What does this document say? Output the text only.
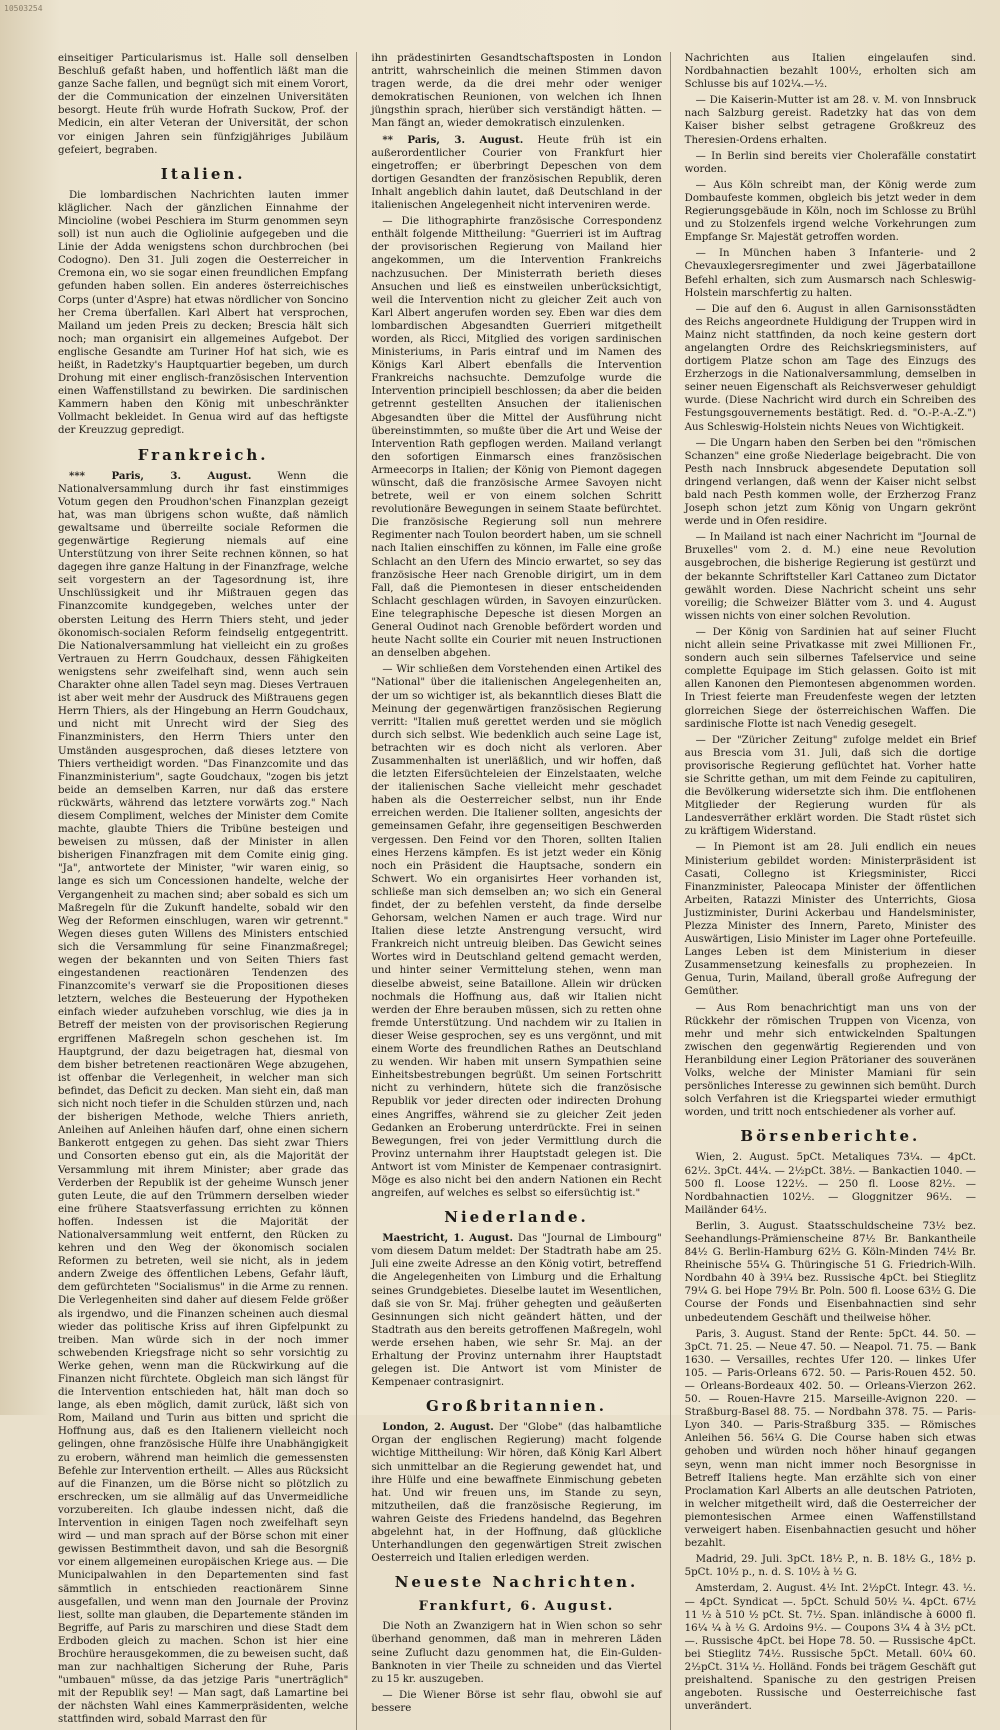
10503254

einseitiger Particularismus ist. Halle soll denselben Beschluß gefaßt haben, und hoffentlich läßt man die ganze Sache fallen, und begnügt sich mit einem Vorort, der die Communication der einzelnen Universitäten besorgt. Heute früh wurde Hofrath Suckow, Prof. der Medicin, ein alter Veteran der Universität, der schon vor einigen Jahren sein fünfzigjähriges Jubiläum gefeiert, begraben.

Italien.

Die lombardischen Nachrichten lauten immer kläglicher. Nach der gänzlichen Einnahme der Mincioline (wobei Peschiera im Sturm genommen seyn soll) ist nun auch die Ogliolinie aufgegeben und die Linie der Adda wenigstens schon durchbrochen (bei Codogno). Den 31. Juli zogen die Oesterreicher in Cremona ein, wo sie sogar einen freundlichen Empfang gefunden haben sollen. Ein anderes österreichisches Corps (unter d'Aspre) hat etwas nördlicher von Soncino her Crema überfallen. Karl Albert hat versprochen, Mailand um jeden Preis zu decken; Brescia hält sich noch; man organisirt ein allgemeines Aufgebot. Der englische Gesandte am Turiner Hof hat sich, wie es heißt, in Radetzky's Hauptquartier begeben, um durch Drohung mit einer englisch-französischen Intervention einen Waffenstillstand zu bewirken. Die sardinischen Kammern haben den König mit unbeschränkter Vollmacht bekleidet. In Genua wird auf das heftigste der Kreuzzug gepredigt.

Frankreich.

*** Paris, 3. August.	Wenn die Nationalversammlung durch ihr fast einstimmiges Votum gegen den Proudhon'schen Finanzplan gezeigt hat, was man übrigens schon wußte, daß nämlich gewaltsame und überreilte sociale Reformen die gegenwärtige Regierung niemals auf eine Unterstützung von ihrer Seite rechnen können, so hat dagegen ihre ganze Haltung in der Finanzfrage, welche seit vorgestern an der Tagesordnung ist, ihre Unschlüssigkeit und ihr Mißtrauen gegen das Finanzcomite kundgegeben, welches unter der obersten Leitung des Herrn Thiers steht, und jeder ökonomisch-socialen Reform feindselig entgegentritt. Die Nationalversammlung hat vielleicht ein zu großes Vertrauen zu Herrn Goudchaux, dessen Fähigkeiten wenigstens sehr zweifelhaft sind, wenn auch sein Charakter ohne allen Tadel seyn mag. Dieses Vertrauen ist aber weit mehr der Ausdruck des Mißtrauens gegen Herrn Thiers, als der Hingebung an Herrn Goudchaux, und nicht mit Unrecht wird der Sieg des Finanzministers, den Herrn Thiers unter den Umständen ausgesprochen, daß dieses letztere von Thiers vertheidigt worden. "Das Finanzcomite und das Finanzministerium", sagte Goudchaux, "zogen bis jetzt beide an demselben Karren, nur daß das erstere rückwärts, während das letztere vorwärts zog." Nach diesem Compliment, welches der Minister dem Comite machte, glaubte Thiers die Tribüne besteigen und beweisen zu müssen, daß der Minister in allen bisherigen Finanzfragen mit dem Comite einig ging. "Ja", antwortete der Minister, "wir waren einig, so lange es sich um Concessionen handelte, welche der Vergangenheit zu machen sind; aber sobald es sich um Maßregeln für die Zukunft handelte, sobald wir den Weg der Reformen einschlugen, waren wir getrennt." Wegen dieses guten Willens des Ministers entschied sich die Versammlung für seine Finanzmaßregel; wegen der bekannten und von Seiten Thiers fast eingestandenen reactionären Tendenzen des Finanzcomite's verwarf sie die Propositionen dieses letztern, welches die Besteuerung der Hypotheken einfach wieder aufzuheben vorschlug, wie dies ja in Betreff der meisten von der provisorischen Regierung ergriffenen Maßregeln schon geschehen ist. Im Hauptgrund, der dazu beigetragen hat, diesmal von dem bisher betretenen reactionären Wege abzugehen, ist offenbar die Verlegenheit, in welcher man sich befindet, das Deficit zu decken. Man sieht ein, daß man sich nicht noch tiefer in die Schulden stürzen und, nach der bisherigen Methode, welche Thiers anrieth, Anleihen auf Anleihen häufen darf, ohne einen sichern Bankerott entgegen zu gehen. Das sieht zwar Thiers und Consorten ebenso gut ein, als die Majorität der Versammlung mit ihrem Minister; aber grade das Verderben der Republik ist der geheime Wunsch jener guten Leute, die auf den Trümmern derselben wieder eine frühere Staatsverfassung errichten zu können hoffen. Indessen ist die Majorität der Nationalversammlung weit entfernt, den Rücken zu kehren und den Weg der ökonomisch socialen Reformen zu betreten, weil sie nicht, als in jedem andern Zweige des öffentlichen Lebens, Gefahr läuft, dem gefürchteten "Socialismus" in die Arme zu rennen. Die Verlegenheiten sind daher auf diesem Felde größer als irgendwo, und die Finanzen scheinen auch diesmal wieder das politische Kriss auf ihren Gipfelpunkt zu treiben. Man würde sich in der noch immer schwebenden Kriegsfrage nicht so sehr vorsichtig zu Werke gehen, wenn man die Rückwirkung auf die Finanzen nicht fürchtete. Obgleich man sich längst für die Intervention entschieden hat, hält man doch so lange, als eben möglich, damit zurück, läßt sich von Rom, Mailand und Turin aus bitten und spricht die Hoffnung aus, daß es den Italienern vielleicht noch gelingen, ohne französische Hülfe ihre Unabhängigkeit zu erobern, während man heimlich die gemessensten Befehle zur Intervention ertheilt. — Alles aus Rücksicht auf die Finanzen, um die Börse nicht so plötzlich zu erschrecken, um sie allmälig auf das Unvermeidliche vorzubereiten. Ich glaube indessen nicht, daß die Intervention in einigen Tagen noch zweifelhaft seyn wird — und man sprach auf der Börse schon mit einer gewissen Bestimmtheit davon, und sah die Besorgniß vor einem allgemeinen europäischen Kriege aus. — Die Municipalwahlen in den Departementen sind fast sämmtlich in entschieden reactionärem Sinne ausgefallen, und wenn man den Journale der Provinz liest, sollte man glauben, die Departemente ständen im Begriffe, auf Paris zu marschiren und diese Stadt dem Erdboden gleich zu machen. Schon ist hier eine Brochüre herausgekommen, die zu beweisen sucht, daß man zur nachhaltigen Sicherung der Ruhe, Paris "umbauen" müsse, da das jetzige Paris "unerträglich" mit der Republik sey! — Man sagt, daß Lamartine bei der nächsten Wahl eines Kammerpräsidenten, welche stattfinden wird, sobald Marrast den für

ihn prädestinirten Gesandtschaftsposten in London antritt, wahrscheinlich die meinen Stimmen davon tragen werde, da die drei mehr oder weniger demokratischen Reunionen, von welchen ich Ihnen jüngsthin sprach, hierüber sich verständigt hätten. — Man fängt an, wieder demokratisch einzulenken.

** Paris, 3. August. Heute früh ist ein außerordentlicher Courier von Frankfurt hier eingetroffen; er überbringt Depeschen von dem dortigen Gesandten der französischen Republik, deren Inhalt angeblich dahin lautet, daß Deutschland in der italienischen Angelegenheit nicht interveniren werde.

— Die lithographirte französische Correspondenz enthält folgende Mittheilung: "Guerrieri ist im Auftrag der provisorischen Regierung von Mailand hier angekommen, um die Intervention Frankreichs nachzusuchen. Der Ministerrath berieth dieses Ansuchen und ließ es einstweilen unberücksichtigt, weil die Intervention nicht zu gleicher Zeit auch von Karl Albert angerufen worden sey. Eben war dies dem lombardischen Abgesandten Guerrieri mitgetheilt worden, als Ricci, Mitglied des vorigen sardinischen Ministeriums, in Paris eintraf und im Namen des Königs Karl Albert ebenfalls die Intervention Frankreichs nachsuchte. Demzufolge wurde die Intervention principiell beschlossen; da aber die beiden getrennt gestellten Ansuchen der italienischen Abgesandten über die Mittel der Ausführung nicht übereinstimmten, so mußte über die Art und Weise der Intervention Rath gepflogen werden. Mailand verlangt den sofortigen Einmarsch eines französischen Armeecorps in Italien; der König von Piemont dagegen wünscht, daß die französische Armee Savoyen nicht betrete, weil er von einem solchen Schritt revolutionäre Bewegungen in seinem Staate befürchtet. Die französische Regierung soll nun mehrere Regimenter nach Toulon beordert haben, um sie schnell nach Italien einschiffen zu können, im Falle eine große Schlacht an den Ufern des Mincio erwartet, so sey das französische Heer nach Grenoble dirigirt, um in dem Fall, daß die Piemontesen in dieser entscheidenden Schlacht geschlagen würden, in Savoyen einzurücken. Eine telegraphische Depesche ist diesen Morgen an General Oudinot nach Grenoble befördert worden und heute Nacht sollte ein Courier mit neuen Instructionen an denselben abgehen.

— Wir schließen dem Vorstehenden einen Artikel des "National" über die italienischen Angelegenheiten an, der um so wichtiger ist, als bekanntlich dieses Blatt die Meinung der gegenwärtigen französischen Regierung verritt: "Italien muß gerettet werden und sie möglich durch sich selbst. Wie bedenklich auch seine Lage ist, betrachten wir es doch nicht als verloren. Aber Zusammenhalten ist unerläßlich, und wir hoffen, daß die letzten Eifersüchteleien der Einzelstaaten, welche der italienischen Sache vielleicht mehr geschadet haben als die Oesterreicher selbst, nun ihr Ende erreichen werden. Die Italiener sollten, angesichts der gemeinsamen Gefahr, ihre gegenseitigen Beschwerden vergessen. Den Feind vor den Thoren, sollten Italien eines Herzens kämpfen. Es ist jetzt weder ein König noch ein Präsident die Hauptsache, sondern ein Schwert. Wo ein organisirtes Heer vorhanden ist, schließe man sich demselben an; wo sich ein General findet, der zu befehlen versteht, da finde derselbe Gehorsam, welchen Namen er auch trage. Wird nur Italien diese letzte Anstrengung versucht, wird Frankreich nicht untreuig bleiben. Das Gewicht seines Wortes wird in Deutschland geltend gemacht werden, und hinter seiner Vermittelung stehen, wenn man dieselbe abweist, seine Bataillone. Allein wir drücken nochmals die Hoffnung aus, daß wir Italien nicht werden der Ehre berauben müssen, sich zu retten ohne fremde Unterstützung. Und nachdem wir zu Italien in dieser Weise gesprochen, sey es uns vergönnt, und mit einem Worte des freundlichen Rathes an Deutschland zu wenden. Wir haben mit unsern Sympathien seine Einheitsbestrebungen begrüßt. Um seinen Fortschritt nicht zu verhindern, hütete sich die französische Republik vor jeder directen oder indirecten Drohung eines Angriffes, während sie zu gleicher Zeit jeden Gedanken an Eroberung unterdrückte. Frei in seinen Bewegungen, frei von jeder Vermittlung durch die Provinz unternahm ihrer Hauptstadt gelegen ist. Die Antwort ist vom Minister de Kempenaer contrasignirt. Möge es also nicht bei den andern Nationen ein Recht angreifen, auf welches es selbst so eifersüchtig ist."

Niederlande.

Maestricht, 1. August. Das "Journal de Limbourg" vom diesem Datum meldet: Der Stadtrath habe am 25. Juli eine zweite Adresse an den König votirt, betreffend die Angelegenheiten von Limburg und die Erhaltung seines Grundgebietes. Dieselbe lautet im Wesentlichen, daß sie von Sr. Maj. früher gehegten und geäußerten Gesinnungen sich nicht geändert hätten, und der Stadtrath aus den bereits getroffenen Maßregeln, wohl werde ersehen haben, wie sehr Sr. Maj. an der Erhaltung der Provinz unternahm ihrer Hauptstadt gelegen ist. Die Antwort ist vom Minister de Kempenaer contrasignirt.

Großbritannien.

London, 2. August. Der "Globe" (das halbamtliche Organ der englischen Regierung) macht folgende wichtige Mittheilung: Wir hören, daß König Karl Albert sich unmittelbar an die Regierung gewendet hat, und ihre Hülfe und eine bewaffnete Einmischung gebeten hat. Und wir freuen uns, im Stande zu seyn, mitzutheilen, daß die französische Regierung, im wahren Geiste des Friedens handelnd, das Begehren abgelehnt hat, in der Hoffnung, daß glückliche Unterhandlungen den gegenwärtigen Streit zwischen Oesterreich und Italien erledigen werden.

Neueste Nachrichten.
Frankfurt, 6. August.

Die Noth an Zwanzigern hat in Wien schon so sehr überhand genommen, daß man in mehreren Läden seine Zuflucht dazu genommen hat, die Ein-Gulden-Banknoten in vier Theile zu schneiden und das Viertel zu 15 kr. auszugeben.

— Die Wiener Börse ist sehr flau, obwohl sie auf bessere

Nachrichten aus Italien eingelaufen sind. Nordbahnactien bezahlt 100⅟₂, erholten sich am Schlusse bis auf 102⅟₄.—⅟₂.

— Die Kaiserin-Mutter ist am 28. v. M. von Innsbruck nach Salzburg gereist. Radetzky hat das von dem Kaiser bisher selbst getragene Großkreuz des Theresien-Ordens erhalten.

— In Berlin sind bereits vier Cholerafälle constatirt worden.

— Aus Köln schreibt man, der König werde zum Dombaufeste kommen, obgleich bis jetzt weder in dem Regierungsgebäude in Köln, noch im Schlosse zu Brühl und zu Stolzenfels irgend welche Vorkehrungen zum Empfange Sr. Majestät getroffen worden.

— In München haben 3 Infanterie- und 2 Chevauxlegersregimenter und zwei Jägerbataillone Befehl erhalten, sich zum Ausmarsch nach Schleswig-Holstein marschfertig zu halten.

— Die auf den 6. August in allen Garnisonsstädten des Reichs angeordnete Huldigung der Truppen wird in Mainz nicht stattfinden, da noch keine gestern dort angelangten Ordre des Reichskriegsministers, auf dortigem Platze schon am Tage des Einzugs des Erzherzogs in die Nationalversammlung, demselben in seiner neuen Eigenschaft als Reichsverweser gehuldigt wurde. (Diese Nachricht wird durch ein Schreiben des Festungsgouvernements bestätigt. Red. d. "O.-P.-A.-Z.") Aus Schleswig-Holstein nichts Neues von Wichtigkeit.

— Die Ungarn haben den Serben bei den "römischen Schanzen" eine große Niederlage beigebracht. Die von Pesth nach Innsbruck abgesendete Deputation soll dringend verlangen, daß wenn der Kaiser nicht selbst bald nach Pesth kommen wolle, der Erzherzog Franz Joseph schon jetzt zum König von Ungarn gekrönt werde und in Ofen residire.

— In Mailand ist nach einer Nachricht im "Journal de Bruxelles" vom 2. d. M.) eine neue Revolution ausgebrochen, die bisherige Regierung ist gestürzt und der bekannte Schriftsteller Karl Cattaneo zum Dictator gewählt worden. Diese Nachricht scheint uns sehr voreilig; die Schweizer Blätter vom 3. und 4. August wissen nichts von einer solchen Revolution.

— Der König von Sardinien hat auf seiner Flucht nicht allein seine Privatkasse mit zwei Millionen Fr., sondern auch sein silbernes Tafelservice und seine complette Equipage im Stich gelassen. Goito ist mit allen Kanonen den Piemontesen abgenommen worden. In Triest feierte man Freudenfeste wegen der letzten glorreichen Siege der österreichischen Waffen. Die sardinische Flotte ist nach Venedig gesegelt.

— Der "Züricher Zeitung" zufolge meldet ein Brief aus Brescia vom 31. Juli, daß sich die dortige provisorische Regierung geflüchtet hat. Vorher hatte sie Schritte gethan, um mit dem Feinde zu capituliren, die Bevölkerung widersetzte sich ihm. Die entflohenen Mitglieder der Regierung wurden für als Landesverräther erklärt worden. Die Stadt rüstet sich zu kräftigem Widerstand.

— In Piemont ist am 28. Juli endlich ein neues Ministerium gebildet worden: Ministerpräsident ist Casati, Collegno ist Kriegsminister, Ricci Finanzminister, Paleocapa Minister der öffentlichen Arbeiten, Ratazzi Minister des Unterrichts, Giosa Justizminister, Durini Ackerbau und Handelsminister, Plezza Minister des Innern, Pareto, Minister des Auswärtigen, Lisio Minister im Lager ohne Portefeuille. Langes Leben ist dem Ministerium in dieser Zusammensetzung keinesfalls zu prophezeien. In Genua, Turin, Mailand, überall große Aufregung der Gemüther.

— Aus Rom benachrichtigt man uns von der Rückkehr der römischen Truppen von Vicenza, von mehr und mehr sich entwickelnden Spaltungen zwischen den gegenwärtig Regierenden und von Heranbildung einer Legion Prätorianer des souveränen Volks, welche der Minister Mamiani für sein persönliches Interesse zu gewinnen sich bemüht. Durch solch Verfahren ist die Kriegspartei wieder ermuthigt worden, und tritt noch entschiedener als vorher auf.

Börsenberichte.

Wien, 2. August. 5pCt. Metaliques 73⅟₄. — 4pCt. 62⅟₂. 3pCt. 44⅟₄. — 2½pCt. 38⅟₂. — Bankactien 1040. — 500 fl. Loose 122⅟₂. — 250 fl. Loose 82⅟₂. — Nordbahnactien 102⅟₂. — Gloggnitzer 96⅟₂. — Mailänder 64⅟₂.

Berlin, 3. August. Staatsschuldscheine 73⅟₂ bez. Seehandlungs-Prämienscheine 87⅟₂ Br. Bankantheile 84⅟₂ G. Berlin-Hamburg 62⅟₂ G. Köln-Minden 74⅟₂ Br. Rheinische 55⅟₄ G. Thüringische 51 G. Friedrich-Wilh. Nordbahn 40 à 39⅟₄ bez. Russische 4pCt. bei Stieglitz 79⅟₄ G. bei Hope 79⅟₂ Br. Poln. 500 fl. Loose 63⅟₂ G. Die Course der Fonds und Eisenbahnactien sind sehr unbedeutendem Geschäft und theilweise höher.

Paris, 3. August. Stand der Rente: 5pCt. 44. 50. — 3pCt. 71. 25. — Neue 47. 50. — Neapol. 71. 75. — Bank 1630. — Versailles, rechtes Ufer 120. — linkes Ufer 105. — Paris-Orleans 672. 50. — Paris-Rouen 452. 50. — Orleans-Bordeaux 402. 50. — Orleans-Vierzon 262. 50. — Rouen-Havre 215. Marseille-Avignon 220. — Straßburg-Basel 88. 75. — Nordbahn 378. 75. — Paris-Lyon 340. — Paris-Straßburg 335. — Römisches Anleihen 56. 56⅟₄ G. Die Course haben sich etwas gehoben und würden noch höher hinauf gegangen seyn, wenn man nicht immer noch Besorgnisse in Betreff Italiens hegte. Man erzählte sich von einer Proclamation Karl Alberts an alle deutschen Patrioten, in welcher mitgetheilt wird, daß die Oesterreicher der piemontesischen Armee einen Waffenstillstand verweigert haben. Eisenbahnactien gesucht und höher bezahlt.

Madrid, 29. Juli. 3pCt. 18⅟₂ P., n. B. 18⅟₂ G., 18⅟₂ p. 5pCt. 10⅟₂ p., n. d. S. 10⅟₂ à ⅟₂ G.

Amsterdam, 2. August. 4⅟₂ Int. 2½pCt. Integr. 43. ⅟₂. — 4pCt. Syndicat —. 5pCt. Schuld 50⅟₂ ⅟₄. 4pCt. 67⅟₂ 11 ⅟₂ à 510 ⅟₂ pCt. St. 7⅟₂. Span. inländische à 6000 fl. 16⅟₄ ⅟₄ à ⅟₂ G. Ardoins 9⅟₂. — Coupons 3⅟₄ 4 à 3⅟₂ pCt. —. Russische 4pCt. bei Hope 78. 50. — Russische 4pCt. bei Stieglitz 74⅟₂. Russische 5pCt. Metall. 60⅟₄ 60. 2⅟₂pCt. 31⅟₄ ⅟₂. Holländ. Fonds bei trägem Geschäft gut preishaltend. Spanische zu den gestrigen Preisen angeboten. Russische und Oesterreichische fast unverändert.
